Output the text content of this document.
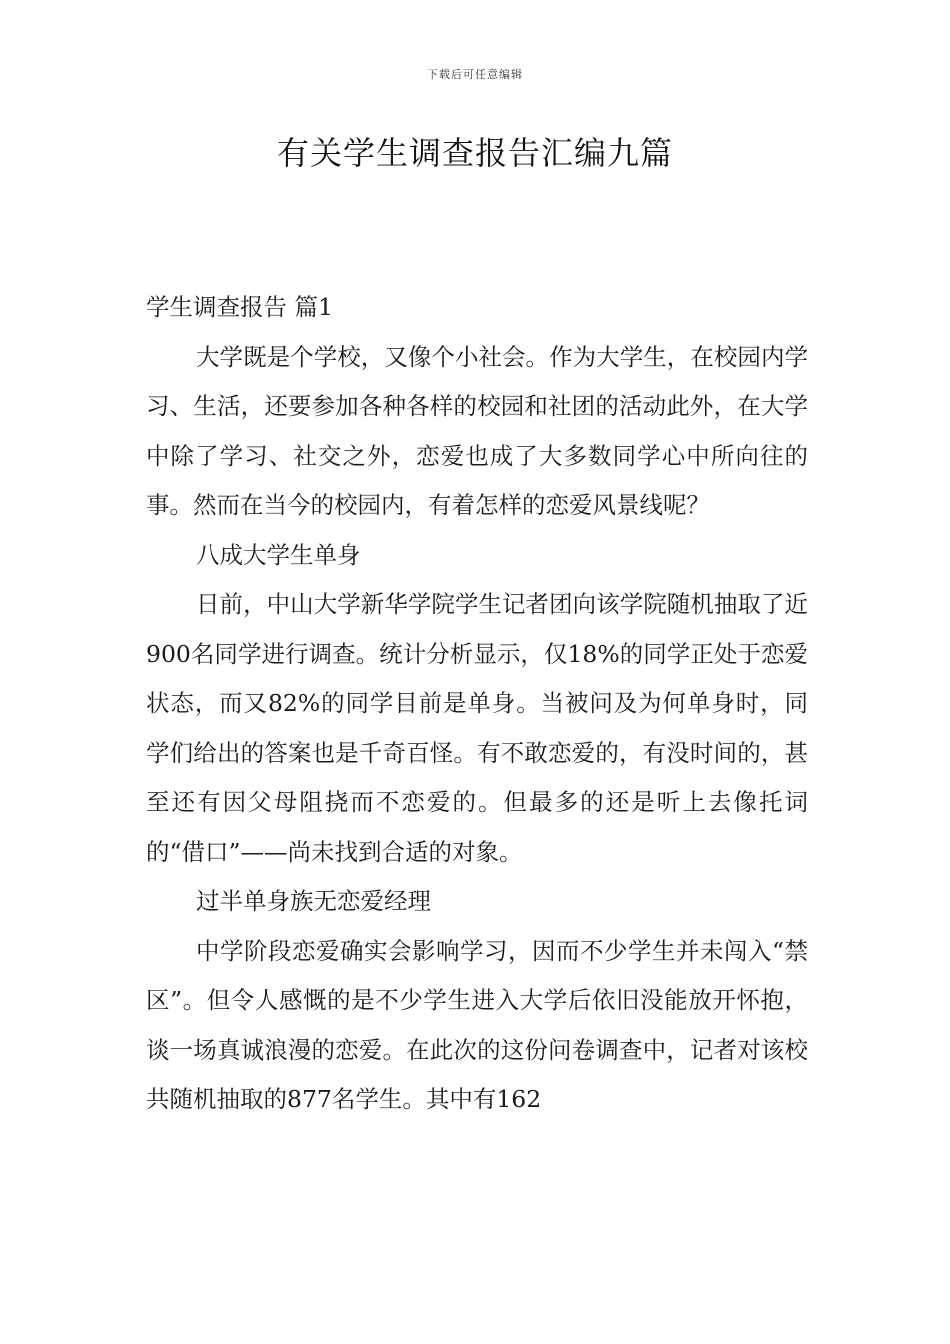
下载后可任意编辑
有关学生调查报告汇编九篇

学生调查报告 篇1

大学既是个学校，又像个小社会。作为大学生，在校园内学习、生活，还要参加各种各样的校园和社团的活动此外，在大学中除了学习、社交之外，恋爱也成了大多数同学心中所向往的事。然而在当今的校园内，有着怎样的恋爱风景线呢？

八成大学生单身

日前，中山大学新华学院学生记者团向该学院随机抽取了近900名同学进行调查。统计分析显示，仅18%的同学正处于恋爱状态，而又82%的同学目前是单身。当被问及为何单身时，同学们给出的答案也是千奇百怪。有不敢恋爱的，有没时间的，甚至还有因父母阻挠而不恋爱的。但最多的还是听上去像托词的“借口”——尚未找到合适的对象。

过半单身族无恋爱经理

中学阶段恋爱确实会影响学习，因而不少学生并未闯入“禁区”。但令人感慨的是不少学生进入大学后依旧没能放开怀抱，谈一场真诚浪漫的恋爱。在此次的这份问卷调查中，记者对该校共随机抽取的877名学生。其中有162
